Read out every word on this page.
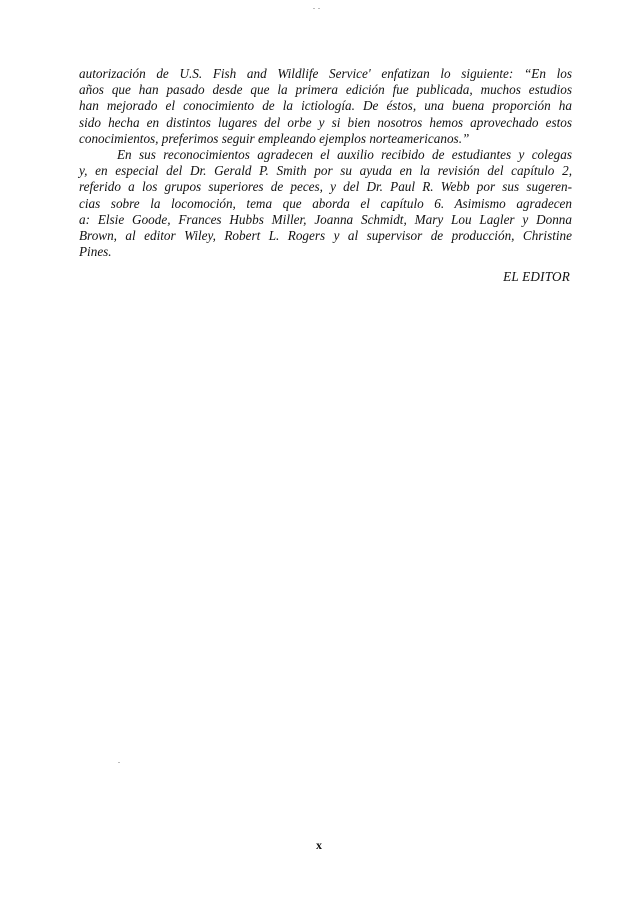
autorización de U.S. Fish and Wildlife Service' enfatizan lo siguiente: “En los
años que han pasado desde que la primera edición fue publicada, muchos estudios
han mejorado el conocimiento de la ictiología. De éstos, una buena proporción ha
sido hecha en distintos lugares del orbe y si bien nosotros hemos aprovechado estos
conocimientos, preferimos seguir empleando ejemplos norteamericanos.”
En sus reconocimientos agradecen el auxilio recibido de estudiantes y colegas
y, en especial del Dr. Gerald P. Smith por su ayuda en la revisión del capítulo 2,
referido a los grupos superiores de peces, y del Dr. Paul R. Webb por sus sugeren-
cias sobre la locomoción, tema que aborda el capítulo 6. Asimismo agradecen
a: Elsie Goode, Frances Hubbs Miller, Joanna Schmidt, Mary Lou Lagler y Donna
Brown, al editor Wiley, Robert L. Rogers y al supervisor de producción, Christine
Pines.
EL EDITOR
x
